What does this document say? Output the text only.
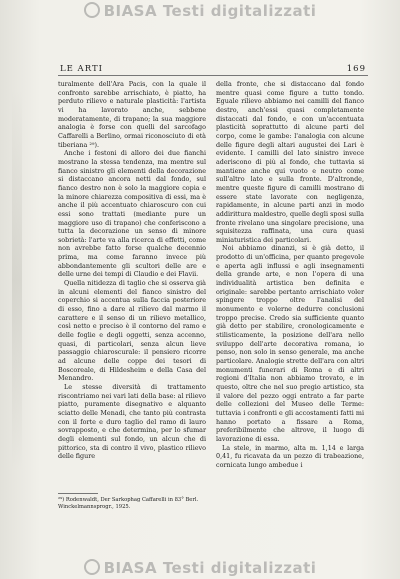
BIASA Testi digitalizzati
LE ARTI	169

turalmente dell'Ara Pacis, con la quale il confronto sarebbe arrischiato, è piatto, ha perduto rilievo e naturale plasticità: l'artista vi ha lavorato anche, sebbene moderatamente, di trapano; la sua maggiore analogia è forse con quelli del sarcofago Caffarelli a Berlino, ormai riconosciuto di età tiberiana ²⁹).

Anche i festoni di alloro dei due fianchi mostrano la stessa tendenza, ma mentre sul fianco sinistro gli elementi della decorazione si distaccano ancora netti dal fondo, sul fianco destro non è solo la maggiore copia e la minore chiarezza compositiva di essi, ma è anche il più accentuato chiaroscuro con cui essi sono trattati (mediante pure un maggiore uso di trapano) che conferiscono a tutta la decorazione un senso di minore sobrietà: l'arte va alla ricerca di effetti, come non avrebbe fatto forse qualche decennio prima, ma come faranno invece più abbondantemente gli scultori delle are e delle urne dei tempi di Claudio e dei Flavii.

Quella nitidezza di taglio che si osserva già in alcuni elementi del fianco sinistro del coperchio si accentua sulla faccia posteriore di esso, fino a dare al rilievo dal marmo il carattere e il senso di un rilievo metallico, così netto e preciso è il contorno del ramo e delle foglie e degli oggetti, senza accenno, quasi, di particolari, senza alcun lieve passaggio chiaroscurale: il pensiero ricorre ad alcune delle coppe dei tesori di Boscoreale, di Hildesheim e della Casa del Menandro.

Le stesse diversità di trattamento riscontriamo nei vari lati della base: al rilievo piatto, puramente disegnativo e alquanto sciatto delle Menadi, che tanto più contrasta con il forte e duro taglio del ramo di lauro sovrapposto, e che determina, per lo sfumar degli elementi sul fondo, un alcun che di pittorico, sta di contro il vivo, plastico rilievo delle figure

della fronte, che si distaccano dal fondo mentre quasi come figure a tutto tondo. Eguale rilievo abbiamo nei camilli del fianco destro, anch'essi quasi completamente distaccati dal fondo, e con un'accentuata plasticità soprattutto di alcune parti del corpo, come le gambe: l'analogia con alcune delle figure degli altari augustei dei Lari è evidente. I camilli del lato sinistro invece aderiscono di più al fondo, che tuttavia si mantiene anche qui vuoto e neutro come sull'altro lato e sulla fronte. D'altronde, mentre queste figure di camilli mostrano di essere state lavorate con negligenza, rapidamente, in alcune parti anzi in modo addirittura maldestro, quelle degli sposi sulla fronte rivelano una singolare precisione, una squisitezza raffinata, una cura quasi miniaturistica dei particolari.

Noi abbiamo dinanzi, si è già detto, il prodotto di un'officina, per quanto pregevole e aperta agli influssi e agli insegnamenti della grande arte, e non l'opera di una individualità artistica ben definita e originale: sarebbe pertanto arrischiato voler spingere troppo oltre l'analisi del monumento e volerne dedurre conclusioni troppo precise. Credo sia sufficiente quanto già detto per stabilire, cronologicamente e stilisticamente, la posizione dell'ara nello sviluppo dell'arte decorativa romana, io penso, non solo in senso generale, ma anche particolare. Analogie strette dell'ara con altri monumenti funerari di Roma e di altri regioni d'Italia non abbiamo trovato, e in questo, oltre che nel suo pregio artistico, sta il valore del pezzo oggi entrato a far parte delle collezioni del Museo delle Terme: tuttavia i confronti e gli accostamenti fatti mi hanno portato a fissare a Roma, preferibilmente che altrove, il luogo di lavorazione di essa.

La stele, in marmo, alta m. 1,14 e larga 0,41, fu ricavata da un pezzo di trabeazione, cornicata lungo ambedue i

²⁹) Rodenwaldt, Der Sarkophag Caffarelli in 83° Berl. Winckelmannsprogr., 1925.
BIASA Testi digitalizzati
